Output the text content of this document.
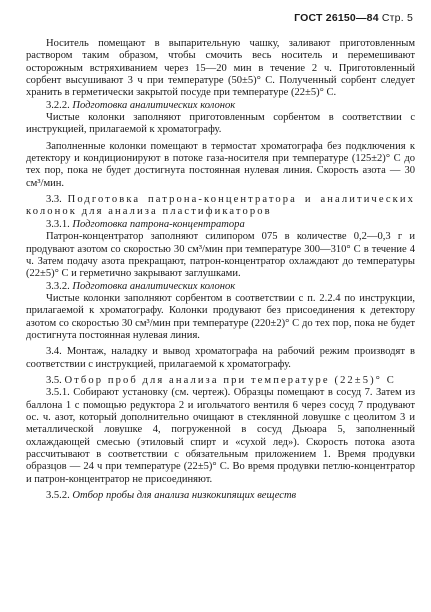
ГОСТ 26150—84 Стр. 5

Носитель помещают в выпарительную чашку, заливают приготовленным раствором таким образом, чтобы смочить весь носитель и перемешивают осторожным встряхиванием через 15—20 мин в течение 2 ч. Приготовленный сорбент высушивают 3 ч при температуре (50±5)° С. Полученный сорбент следует хранить в герметически закрытой посуде при температуре (22±5)° С.

3.2.2. Подготовка аналитических колонок

Чистые колонки заполняют приготовленным сорбентом в соответствии с инструкцией, прилагаемой к хроматографу.

Заполненные колонки помещают в термостат хроматографа без подключения к детектору и кондиционируют в потоке газа-носителя при температуре (125±2)° С до тех пор, пока не будет достигнута постоянная нулевая линия. Скорость азота — 30 см³/мин.

3.3. Подготовка патрона-концентратора и аналитических колонок для анализа пластификаторов

3.3.1. Подготовка патрона-концентратора

Патрон-концентратор заполняют силипором 075 в количестве 0,2—0,3 г и продувают азотом со скоростью 30 см³/мин при температуре 300—310° С в течение 4 ч. Затем подачу азота прекращают, патрон-концентратор охлаждают до температуры (22±5)° С и герметично закрывают заглушками.

3.3.2. Подготовка аналитических колонок

Чистые колонки заполняют сорбентом в соответствии с п. 2.2.4 по инструкции, прилагаемой к хроматографу. Колонки продувают без присоединения к детектору азотом со скоростью 30 см³/мин при температуре (220±2)° С до тех пор, пока не будет достигнута постоянная нулевая линия.

3.4. Монтаж, наладку и вывод хроматографа на рабочий режим производят в соответствии с инструкцией, прилагаемой к хроматографу.

3.5. Отбор проб для анализа при температуре (22±5)° С

3.5.1. Собирают установку (см. чертеж). Образцы помещают в сосуд 7. Затем из баллона 1 с помощью редуктора 2 и игольчатого вентиля 6 через сосуд 7 продувают ос. ч. азот, который дополнительно очищают в стеклянной ловушке с цеолитом 3 и металлической ловушке 4, погруженной в сосуд Дьюара 5, заполненный охлаждающей смесью (этиловый спирт и «сухой лед»). Скорость потока азота рассчитывают в соответствии с обязательным приложением 1. Время продувки образцов — 24 ч при температуре (22±5)° С. Во время продувки петлю-концентратор и патрон-концентратор не присоединяют.

3.5.2. Отбор пробы для анализа низкокипящих веществ
